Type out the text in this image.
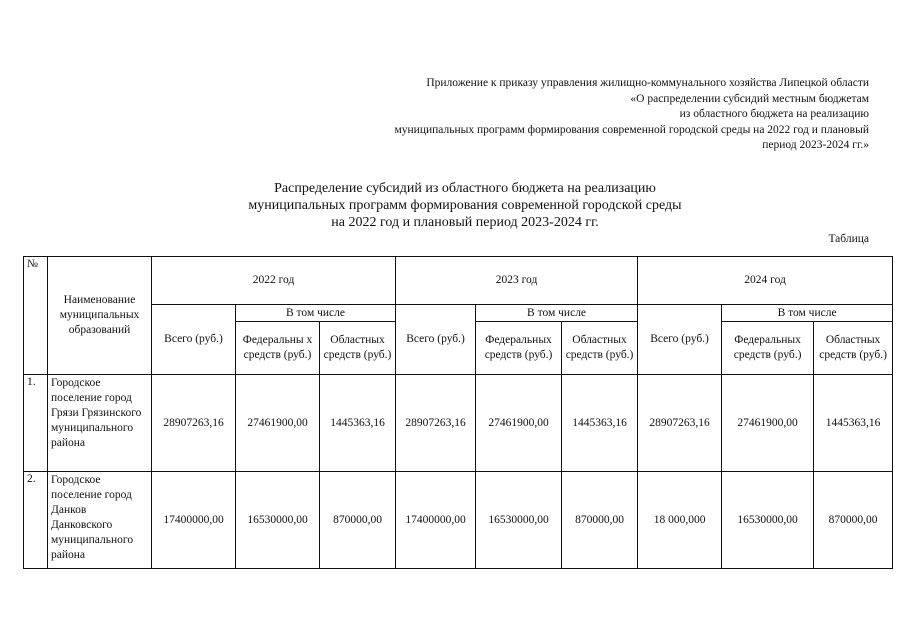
Приложение к приказу управления жилищно-коммунального хозяйства Липецкой области
«О распределении субсидий местным бюджетам
из областного бюджета на реализацию
муниципальных программ формирования современной городской среды на 2022 год и плановый
период 2023-2024 гг.»
Распределение субсидий из областного бюджета на реализацию
муниципальных программ формирования современной городской среды
на 2022 год и плановый период 2023-2024 гг.
Таблица
№	Наименование муниципальных образований	2022 год			2023 год			2024 год		
		Всего (руб.)	В том числе		Всего (руб.)	В том числе		Всего (руб.)	В том числе	
			Федеральны х средств (руб.)	Областных средств (руб.)		Федеральных средств (руб.)	Областных средств (руб.)		Федеральных средств (руб.)	Областных средств (руб.)
1.	Городское поселение город Грязи Грязинского муниципального района	28907263,16	27461900,00	1445363,16	28907263,16	27461900,00	1445363,16	28907263,16	27461900,00	1445363,16
2.	Городское поселение город Данков Данковского муниципального района	17400000,00	16530000,00	870000,00	17400000,00	16530000,00	870000,00	18 000,000	16530000,00	870000,00
